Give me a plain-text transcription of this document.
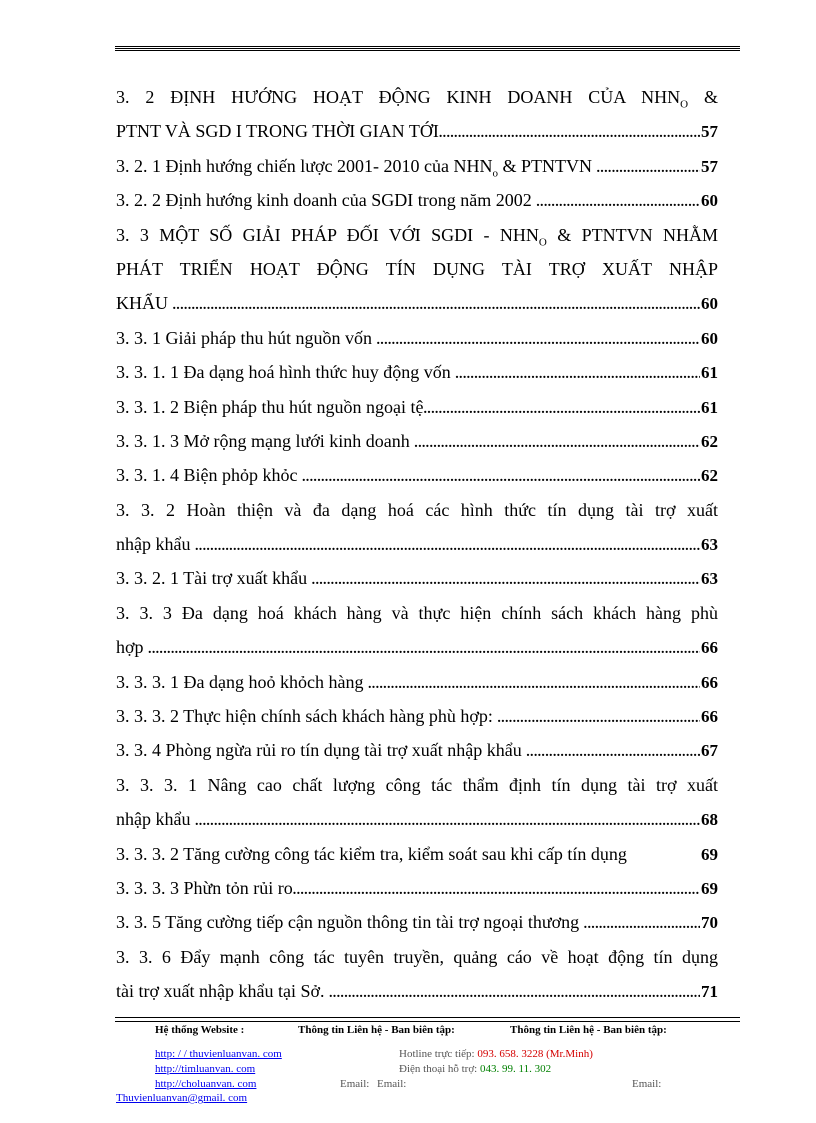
3. 2 ĐỊNH HƯỚNG HOẠT ĐỘNG KINH DOANH CỦA $NHN_O$ &
PTNT VÀ SGD I TRONG THỜI GIAN TỚI .....	57
3. 2. 1 Định hướng chiến lược 2001- 2010 của $NHN_o$ & PTNTVN .....	57
3. 2. 2 Định hướng kinh doanh của SGDI trong năm 2002 .....	60
3. 3 MỘT SỐ GIẢI PHÁP ĐỐI VỚI SGDI - $NHN_O$ & PTNTVN NHẰM
PHÁT TRIỂN HOẠT ĐỘNG TÍN DỤNG TÀI TRỢ XUẤT NHẬP
KHẨU .....	60
3. 3. 1 Giải pháp thu hút nguồn vốn .....	60
3. 3. 1. 1 Đa dạng hoá hình thức huy động vốn .....	61
3. 3. 1. 2 Biện pháp thu hút nguồn ngoại tệ .....	61
3. 3. 1. 3 Mở rộng mạng lưới kinh doanh .....	62
3. 3. 1. 4 Biện phỏp khỏc .....	62
3. 3. 2 Hoàn thiện và đa dạng hoá các hình thức tín dụng tài trợ xuất
nhập khẩu .....	63
3. 3. 2. 1 Tài trợ xuất khẩu .....	63
3. 3. 3 Đa dạng hoá khách hàng và thực hiện chính sách khách hàng phù
hợp .....	66
3. 3. 3. 1 Đa dạng hoỏ khỏch hàng .....	66
3. 3. 3. 2 Thực hiện chính sách khách hàng phù hợp: .....	66
3. 3. 4 Phòng ngừa rủi ro tín dụng tài trợ xuất nhập khẩu .....	67
3. 3. 3. 1 Nâng cao chất lượng công tác thẩm định tín dụng tài trợ xuất
nhập khẩu .....	68
3. 3. 3. 2 Tăng cường công tác kiểm tra, kiểm soát sau khi cấp tín dụng	69
3. 3. 3. 3 Phừn tỏn rủi ro .....	69
3. 3. 5 Tăng cường tiếp cận nguồn thông tin tài trợ ngoại thương .....	70
3. 3. 6 Đẩy mạnh công tác tuyên truyền, quảng cáo về hoạt động tín dụng
tài trợ xuất nhập khẩu tại Sở. .....	71
Hệ thống Website :	Thông tin Liên hệ - Ban biên tập:	Thông tin Liên hệ - Ban biên tập:
http: / / thuvienluanvan. com
http://timluanvan. com
http://choluanvan. com
Thuvienluanvan@gmail. com
Hotline trực tiếp: 093. 658. 3228 (Mr.Minh)
Điện thoại hỗ trợ: 043. 99. 11. 302
Email: Email:	Email:
